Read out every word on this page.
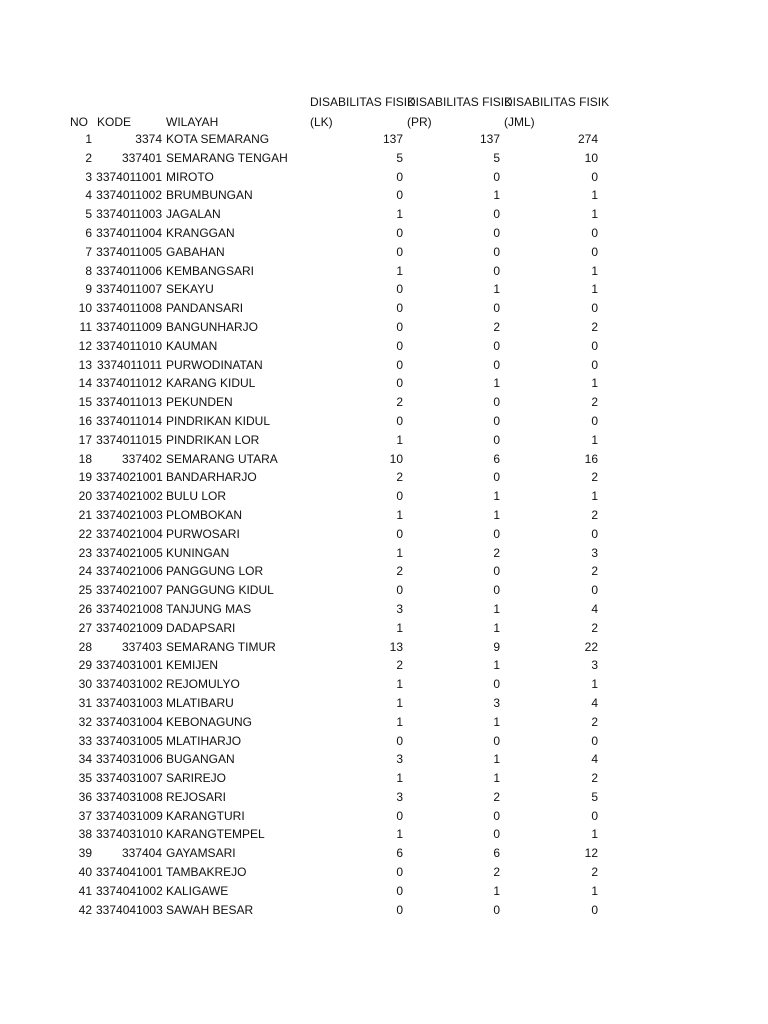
DISABILITAS FISIK
DISABILITAS FISIK
DISABILITAS FISIK
NO KODE	WILAYAH	(LK)	(PR)	(JML)
1	3374 KOTA SEMARANG	137	137	274
2	337401 SEMARANG TENGAH	5	5	10
3 3374011001 MIROTO	0	0	0
4 3374011002 BRUMBUNGAN	0	1	1
5 3374011003 JAGALAN	1	0	1
6 3374011004 KRANGGAN	0	0	0
7 3374011005 GABAHAN	0	0	0
8 3374011006 KEMBANGSARI	1	0	1
9 3374011007 SEKAYU	0	1	1
10 3374011008 PANDANSARI	0	0	0
11 3374011009 BANGUNHARJO	0	2	2
12 3374011010 KAUMAN	0	0	0
13 3374011011 PURWODINATAN	0	0	0
14 3374011012 KARANG KIDUL	0	1	1
15 3374011013 PEKUNDEN	2	0	2
16 3374011014 PINDRIKAN KIDUL	0	0	0
17 3374011015 PINDRIKAN LOR	1	0	1
18	337402 SEMARANG UTARA	10	6	16
19 3374021001 BANDARHARJO	2	0	2
20 3374021002 BULU LOR	0	1	1
21 3374021003 PLOMBOKAN	1	1	2
22 3374021004 PURWOSARI	0	0	0
23 3374021005 KUNINGAN	1	2	3
24 3374021006 PANGGUNG LOR	2	0	2
25 3374021007 PANGGUNG KIDUL	0	0	0
26 3374021008 TANJUNG MAS	3	1	4
27 3374021009 DADAPSARI	1	1	2
28	337403 SEMARANG TIMUR	13	9	22
29 3374031001 KEMIJEN	2	1	3
30 3374031002 REJOMULYO	1	0	1
31 3374031003 MLATIBARU	1	3	4
32 3374031004 KEBONAGUNG	1	1	2
33 3374031005 MLATIHARJO	0	0	0
34 3374031006 BUGANGAN	3	1	4
35 3374031007 SARIREJO	1	1	2
36 3374031008 REJOSARI	3	2	5
37 3374031009 KARANGTURI	0	0	0
38 3374031010 KARANGTEMPEL	1	0	1
39	337404 GAYAMSARI	6	6	12
40 3374041001 TAMBAKREJO	0	2	2
41 3374041002 KALIGAWE	0	1	1
42 3374041003 SAWAH BESAR	0	0	0
